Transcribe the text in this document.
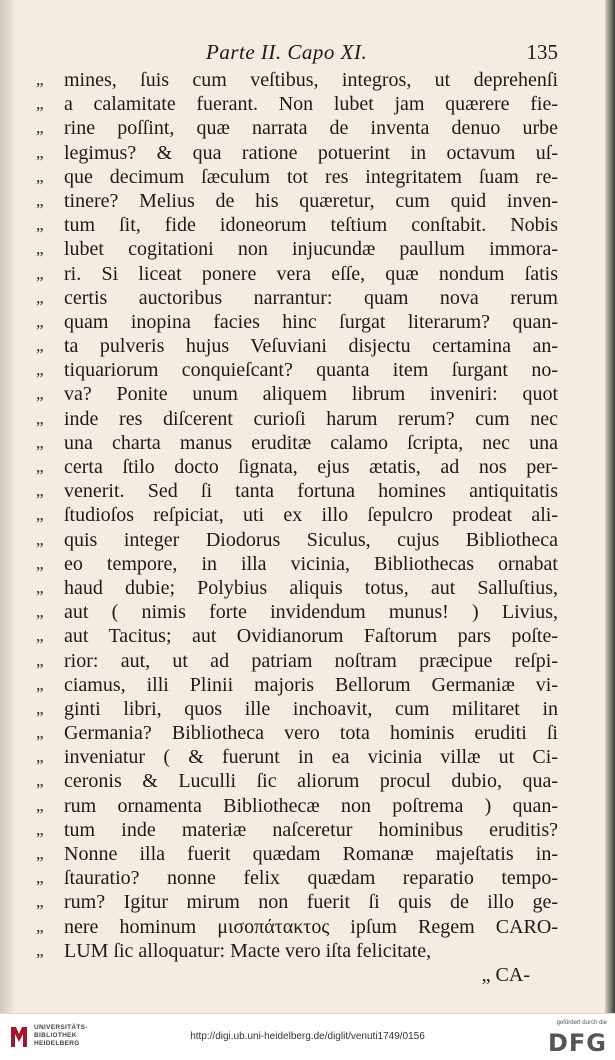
Parte II. Capo XI.	135
„	mines, ſuis cum veſtibus, integros, ut deprehenſi
„	a calamitate fuerant. Non lubet jam quærere fie-
„	rine poſſint, quæ narrata de inventa denuo urbe
„	legimus? & qua ratione potuerint in octavum uſ-
„	que decimum ſæculum tot res integritatem ſuam re-
„	tinere? Melius de his quæretur, cum quid inven-
„	tum ſit, fide idoneorum teſtium conſtabit. Nobis
„	lubet cogitationi non injucundæ paullum immora-
„	ri. Si liceat ponere vera eſſe, quæ nondum ſatis
„	certis auctoribus narrantur: quam nova rerum
„	quam inopina facies hinc ſurgat literarum? quan-
„	ta pulveris hujus Veſuviani disjectu certamina an-
„	tiquariorum conquieſcant? quanta item ſurgant no-
„	va? Ponite unum aliquem librum inveniri: quot
„	inde res diſcerent curioſi harum rerum? cum nec
„	una charta manus eruditæ calamo ſcripta, nec una
„	certa ſtilo docto ſignata, ejus ætatis, ad nos per-
„	venerit. Sed ſi tanta fortuna homines antiquitatis
„	ſtudioſos reſpiciat, uti ex illo ſepulcro prodeat ali-
„	quis integer Diodorus Siculus, cujus Bibliotheca
„	eo tempore, in illa vicinia, Bibliothecas ornabat
„	haud dubie; Polybius aliquis totus, aut Salluſtius,
„	aut ( nimis forte invidendum munus! ) Livius,
„	aut Tacitus; aut Ovidianorum Faſtorum pars poſte-
„	rior: aut, ut ad patriam noſtram præcipue reſpi-
„	ciamus, illi Plinii majoris Bellorum Germaniæ vi-
„	ginti libri, quos ille inchoavit, cum militaret in
„	Germania? Bibliotheca vero tota hominis eruditi ſi
„	inveniatur ( & fuerunt in ea vicinia villæ ut Ci-
„	ceronis & Luculli ſic aliorum procul dubio, qua-
„	rum ornamenta Bibliothecæ non poſtrema ) quan-
„	tum inde materiæ naſceretur hominibus eruditis?
„	Nonne illa fuerit quædam Romanæ majeſtatis in-
„	ſtauratio? nonne felix quædam reparatio tempo-
„	rum? Igitur mirum non fuerit ſi quis de illo ge-
„	nere hominum μισοπάτακτος ipſum Regem CARO-
„	LUM ſic alloquatur: Macte vero iſta felicitate,
„ CA-
UNIVERSITÄTS-
BIBLIOTHEK
HEIDELBERG
http://digi.ub.uni-heidelberg.de/diglit/venuti1749/0156
gefördert durch die
DFG
